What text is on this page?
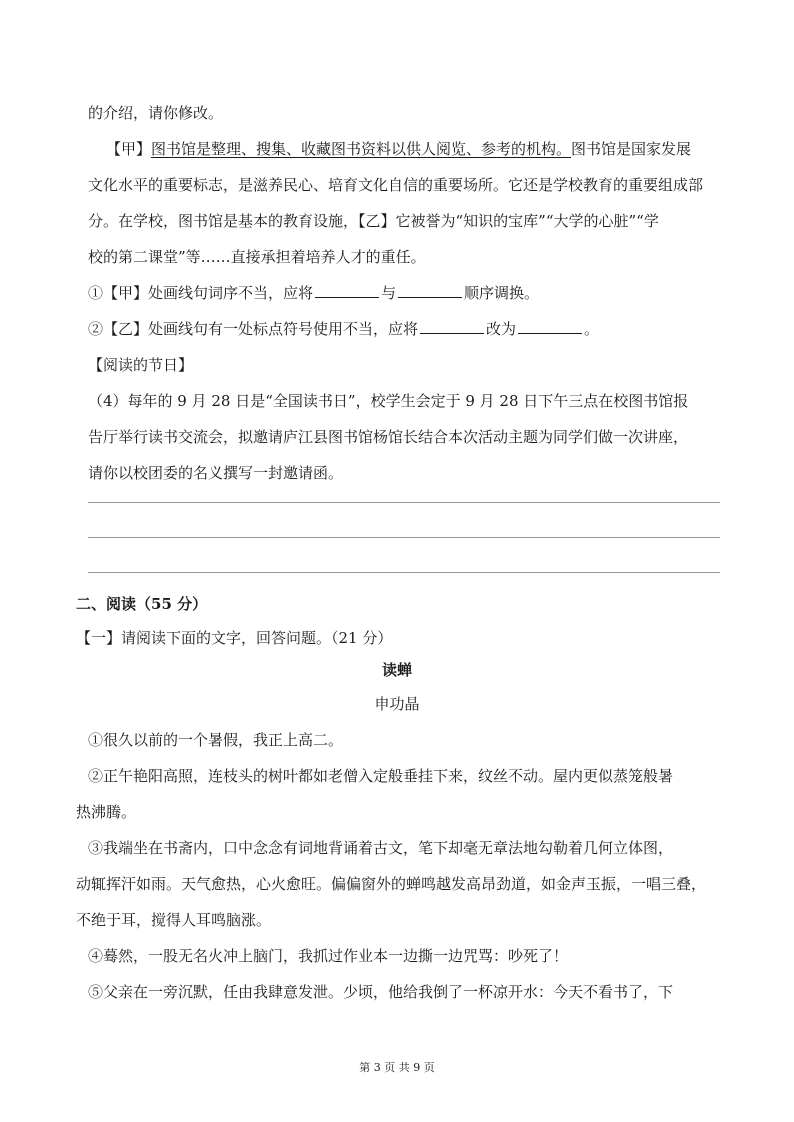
的介绍，请你修改。
【甲】图书馆是整理、搜集、收藏图书资料以供人阅览、参考的机构。图书馆是国家发展
文化水平的重要标志，是滋养民心、培育文化自信的重要场所。它还是学校教育的重要组成部
分。在学校，图书馆是基本的教育设施，【乙】它被誉为“知识的宝库”“大学的心脏”“学
校的第二课堂”等……直接承担着培养人才的重任。
①【甲】处画线句词序不当，应将	与	顺序调换。
②【乙】处画线句有一处标点符号使用不当，应将	改为	。
【阅读的节日】
（4）每年的 9 月 28 日是“全国读书日”，校学生会定于 9 月 28 日下午三点在校图书馆报
告厅举行读书交流会，拟邀请庐江县图书馆杨馆长结合本次活动主题为同学们做一次讲座，
请你以校团委的名义撰写一封邀请函。
二、阅读（55 分）
【一】请阅读下面的文字，回答问题。（21 分）
读蝉
申功晶
①很久以前的一个暑假，我正上高二。
②正午艳阳高照，连枝头的树叶都如老僧入定般垂挂下来，纹丝不动。屋内更似蒸笼般暑
热沸腾。
③我端坐在书斋内，口中念念有词地背诵着古文，笔下却毫无章法地勾勒着几何立体图，
动辄挥汗如雨。天气愈热，心火愈旺。偏偏窗外的蝉鸣越发高昂劲道，如金声玉振，一唱三叠，
不绝于耳，搅得人耳鸣脑涨。
④蓦然，一股无名火冲上脑门，我抓过作业本一边撕一边咒骂：吵死了！
⑤父亲在一旁沉默，任由我肆意发泄。少顷，他给我倒了一杯凉开水：今天不看书了，下
第 3 页 共 9 页
